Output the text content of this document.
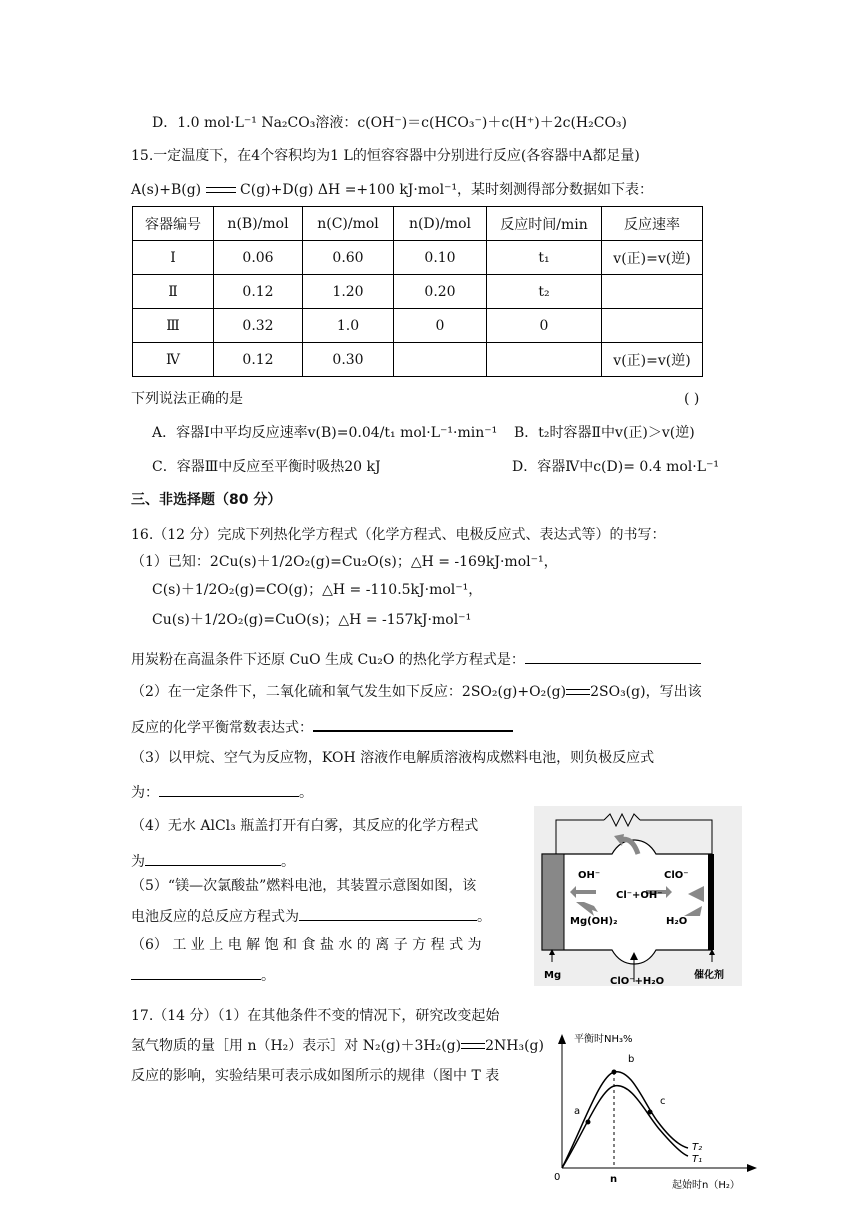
D．1.0 mol·L⁻¹ Na₂CO₃溶液：c(OH⁻)＝c(HCO₃⁻)＋c(H⁺)＋2c(H₂CO₃)
15.一定温度下，在4个容积均为1 L的恒容容器中分别进行反应(各容器中A都足量)
A(s)+B(g)	C(g)+D(g) ΔH =+100 kJ·mol⁻¹，某时刻测得部分数据如下表：
容器编号	n(B)/mol	n(C)/mol	n(D)/mol	反应时间/min	反应速率
Ⅰ	0.06	0.60	0.10	t₁	v(正)=v(逆)
Ⅱ	0.12	1.20	0.20	t₂	
Ⅲ	0.32	1.0	0	0	
Ⅳ	0.12	0.30			v(正)=v(逆)
下列说法正确的是	( )
A．容器Ⅰ中平均反应速率v(B)=0.04/t₁ mol·L⁻¹·min⁻¹ B．t₂时容器Ⅱ中v(正)＞v(逆)
C．容器Ⅲ中反应至平衡时吸热20 kJ	D．容器Ⅳ中c(D)= 0.4 mol·L⁻¹
三、非选择题（80 分）
16.（12 分）完成下列热化学方程式（化学方程式、电极反应式、表达式等）的书写：
（1）已知：2Cu(s)＋1/2O₂(g)=Cu₂O(s)；△H = -169kJ·mol⁻¹，
C(s)＋1/2O₂(g)=CO(g)；△H = -110.5kJ·mol⁻¹，
Cu(s)＋1/2O₂(g)=CuO(s)；△H = -157kJ·mol⁻¹
用炭粉在高温条件下还原 CuO 生成 Cu₂O 的热化学方程式是：
（2）在一定条件下，二氧化硫和氧气发生如下反应：2SO₂(g)+O₂(g) 2SO₃(g)，写出该
反应的化学平衡常数表达式：
（3）以甲烷、空气为反应物，KOH 溶液作电解质溶液构成燃料电池，则负极反应式
为：	。
（4）无水 AlCl₃ 瓶盖打开有白雾，其反应的化学方程式
为	。
（5）“镁—次氯酸盐”燃料电池，其装置示意图如图，该
电池反应的总反应方程式为	。
（6） 工 业 上 电 解 饱 和 食 盐 水 的 离 子 方 程 式 为
。
OH⁻
Mg(OH)₂
ClO⁻
Cl⁻+OH⁻
H₂O
Mg
ClO⁻+H₂O
催化剂
17.（14 分）（1）在其他条件不变的情况下，研究改变起始
氢气物质的量［用 n（H₂）表示］对 N₂(g)＋3H₂(g) 2NH₃(g)
反应的影响，实验结果可表示成如图所示的规律（图中 T 表
平衡时NH₃%
起始时n（H₂）
0	n
a
b
c
T₂
T₁
